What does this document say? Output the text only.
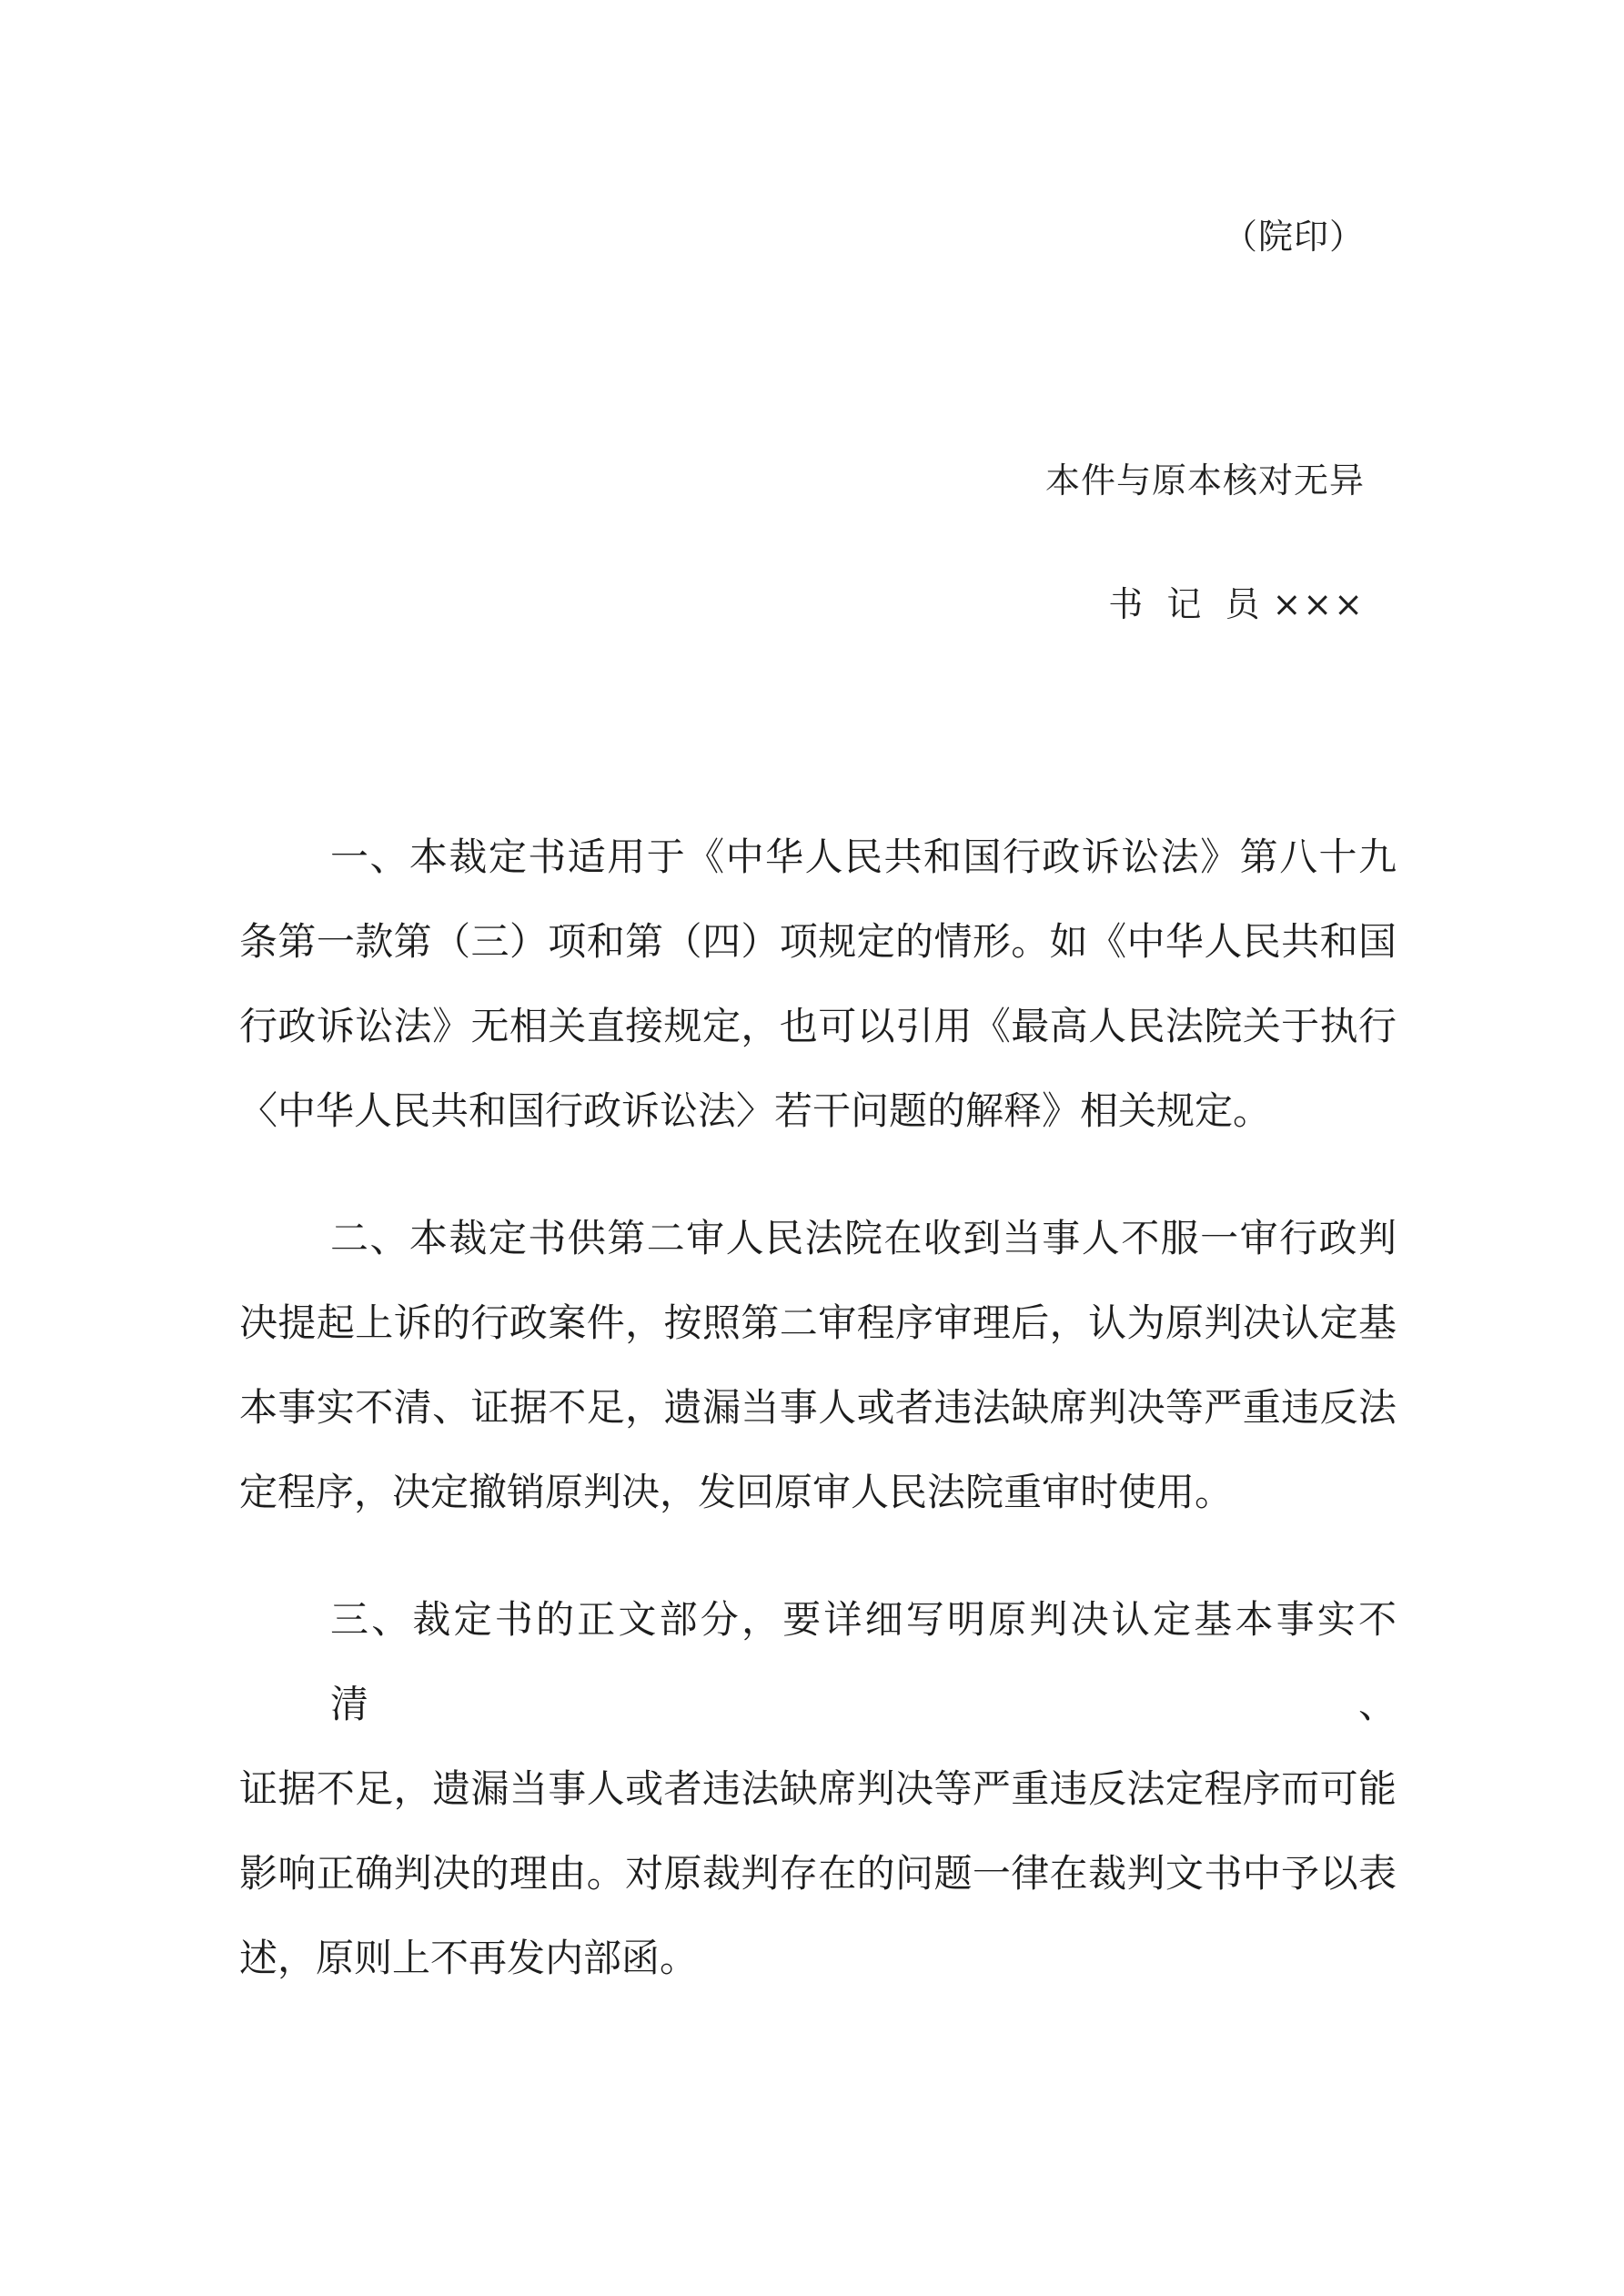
（院印）
本件与原本核对无异
书 记 员 ×××

一、本裁定书适用于《中华人民共和国行政诉讼法》第八十九
条第一款第（三）项和第（四）项规定的情形。如《中华人民共和国
行政诉讼法》无相关直接规定，也可以引用《最高人民法院关于执行
〈中华人民共和国行政诉讼法〉若干问题的解释》相关规定。

二、本裁定书供第二审人民法院在收到当事人不服一审行政判
决提起上诉的行政案件，按照第二审程序审理后，认为原判决认定基
本事实不清、证据不足，遗漏当事人或者违法缺席判决等严重违反法
定程序，决定撤销原判决，发回原审人民法院重审时使用。

三、裁定书的正文部分，要详细写明原判决认定基本事实不清、
证据不足，遗漏当事人或者违法缺席判决等严重违反法定程序而可能
影响正确判决的理由。对原裁判存在的问题一律在裁判文书中予以表
述，原则上不再发内部函。
